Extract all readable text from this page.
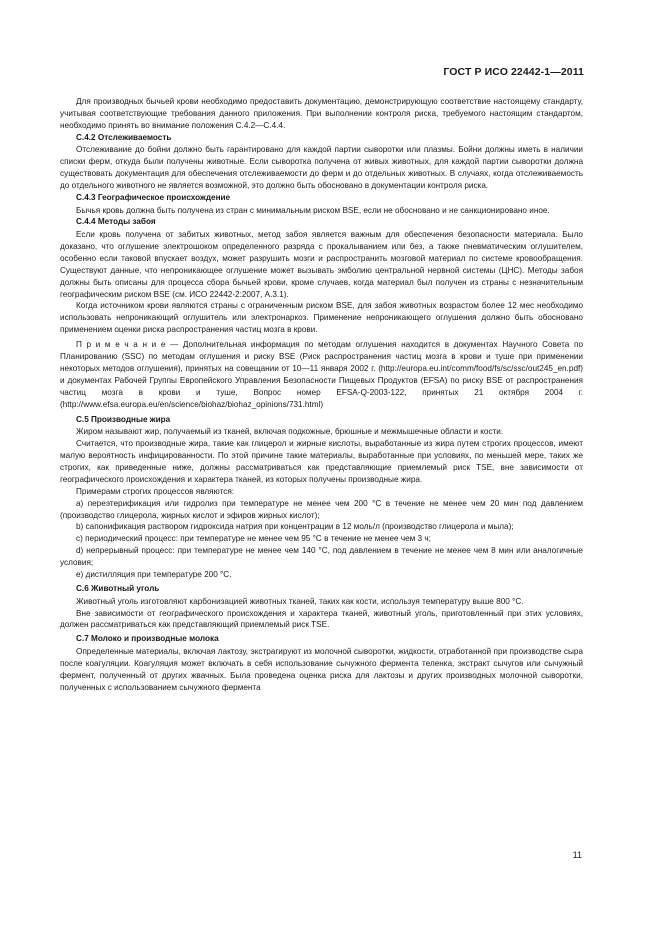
ГОСТ Р ИСО 22442-1—2011

Для производных бычьей крови необходимо предоставить документацию, демонстрирующую соответствие настоящему стандарту, учитывая соответствующие требования данного приложения. При выполнении контроля риска, требуемого настоящим стандартом, необходимо принять во внимание положения С.4.2—С.4.4.

С.4.2 Отслеживаемость

Отслеживание до бойни должно быть гарантировано для каждой партии сыворотки или плазмы. Бойни должны иметь в наличии списки ферм, откуда были получены животные. Если сыворотка получена от живых животных, для каждой партии сыворотки должна существовать документация для обеспечения отслеживаемости до ферм и до отдельных животных. В случаях, когда отслеживаемость до отдельного животного не является возможной, это должно быть обосновано в документации контроля риска.

С.4.3 Географическое происхождение

Бычья кровь должна быть получена из стран с минимальным риском BSE, если не обосновано и не санкционировано иное.

С.4.4 Методы забоя

Если кровь получена от забитых животных, метод забоя является важным для обеспечения безопасности материала. Было доказано, что оглушение электрошоком определенного разряда с прокалыванием или без, а также пневматическим оглушителем, особенно если таковой впускает воздух, может разрушить мозги и распространить мозговой материал по системе кровообращения. Существуют данные, что непроникающее оглушение может вызывать эмболию центральной нервной системы (ЦНС). Методы забоя должны быть описаны для процесса сбора бычьей крови, кроме случаев, когда материал был получен из страны с незначительным географическим риском BSE (см. ИСО 22442-2:2007, A.3.1).

Когда источником крови являются страны с ограниченным риском BSE, для забоя животных возрастом более 12 мес необходимо использовать непроникающий оглушитель или электронаркоз. Применение непроникающего оглушения должно быть обосновано применением оценки риска распространения частиц мозга в крови.

П р и м е ч а н и е — Дополнительная информация по методам оглушения находится в документах Научного Совета по Планированию (SSC) по методам оглушения и риску BSE (Риск распространения частиц мозга в крови и туше при применении некоторых методов оглушения), принятых на совещании от 10—11 января 2002 г. (http://europa.eu.int/comm/food/fs/sc/ssc/out245_en.pdf) и документах Рабочей Группы Европейского Управления Безопасности Пищевых Продуктов (EFSA) по риску BSE от распространения частиц мозга в крови и туше, Вопрос номер EFSA-Q-2003-122, принятых 21 октября 2004 г. (http://www.efsa.europa.eu/en/science/biohaz/biohaz_opinions/731.html)

С.5 Производные жира

Жиром называют жир, получаемый из тканей, включая подкожные, брюшные и межмышечные области и кости.

Считается, что производные жира, такие как глицерол и жирные кислоты, выработанные из жира путем строгих процессов, имеют малую вероятность инфицированности. По этой причине такие материалы, выработанные при условиях, по меньшей мере, таких же строгих, как приведенные ниже, должны рассматриваться как представляющие приемлемый риск TSE, вне зависимости от географического происхождения и характера тканей, из которых получены производные жира.

Примерами строгих процессов являются:

а) переэтерификация или гидролиз при температуре не менее чем 200 °С в течение не менее чем 20 мин под давлением (производство глицерола, жирных кислот и эфиров жирных кислот);

b) сапонификация раствором гидроксида натрия при концентрации в 12 моль/л (производство глицерола и мыла);

с) периодический процесс: при температуре не менее чем 95 °С в течение не менее чем 3 ч;

d) непрерывный процесс: при температуре не менее чем 140 °С, под давлением в течение не менее чем 8 мин или аналогичные условия;

е) дистилляция при температуре 200 °С.

С.6 Животный уголь

Животный уголь изготовляют карбонизацией животных тканей, таких как кости, используя температуру выше 800 °С.

Вне зависимости от географического происхождения и характера тканей, животный уголь, приготовленный при этих условиях, должен рассматриваться как представляющий приемлемый риск TSE.

С.7 Молоко и производные молока

Определенные материалы, включая лактозу, экстрагируют из молочной сыворотки, жидкости, отработанной при производстве сыра после коагуляции. Коагуляция может включать в себя использование сычужного фермента теленка, экстракт сычугов или сычужный фермент, полученный от других жвачных. Была проведена оценка риска для лактозы и других производных молочной сыворотки, полученных с использованием сычужного фермента

11
